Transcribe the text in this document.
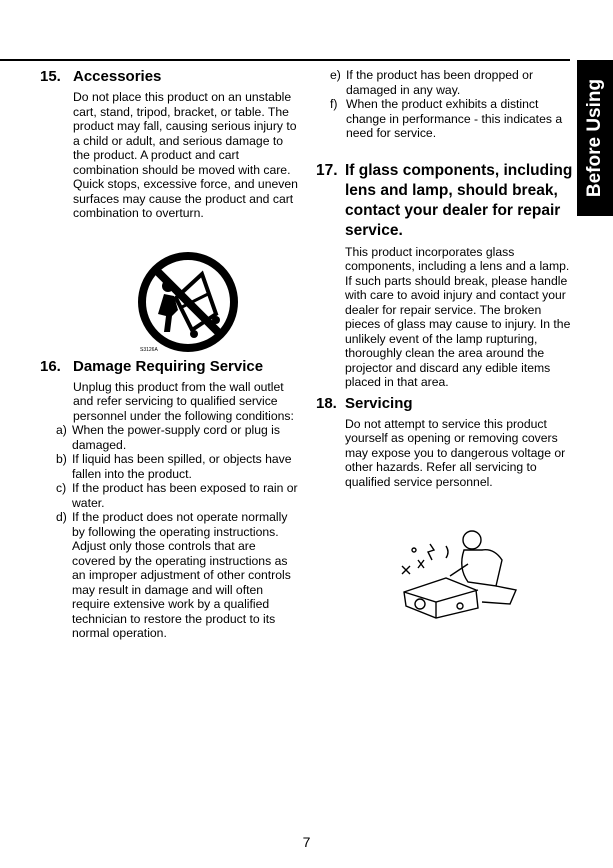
Before Using
15. Accessories
Do not place this product on an unstable cart, stand, tripod, bracket, or table. The product may fall, causing serious injury to a child or adult, and serious damage to the product. A product and cart combination should be moved with care. Quick stops, excessive force, and uneven surfaces may cause the product and cart combination to overturn.
16. Damage Requiring Service
Unplug this product from the wall outlet and refer servicing to qualified service personnel under the following conditions:
a) When the power-supply cord or plug is damaged.
b) If liquid has been spilled, or objects have fallen into the product.
c) If the product has been exposed to rain or water.
d) If the product does not operate normally by following the operating instructions. Adjust only those controls that are covered by the operating instructions as an improper adjustment of other controls may result in damage and will often require extensive work by a qualified technician to restore the product to its normal operation.
S3126A
e) If the product has been dropped or damaged in any way.
f) When the product exhibits a distinct change in performance - this indicates a need for service.
17. If glass components, including lens and lamp, should break, contact your dealer for repair service.
This product incorporates glass components, including a lens and a lamp. If such parts should break, please handle with care to avoid injury and contact your dealer for repair service. The broken pieces of glass may cause to injury. In the unlikely event of the lamp rupturing, thoroughly clean the area around the projector and discard any edible items placed in that area.
18. Servicing
Do not attempt to service this product yourself as opening or removing covers may expose you to dangerous voltage or other hazards. Refer all servicing to qualified service personnel.
7
